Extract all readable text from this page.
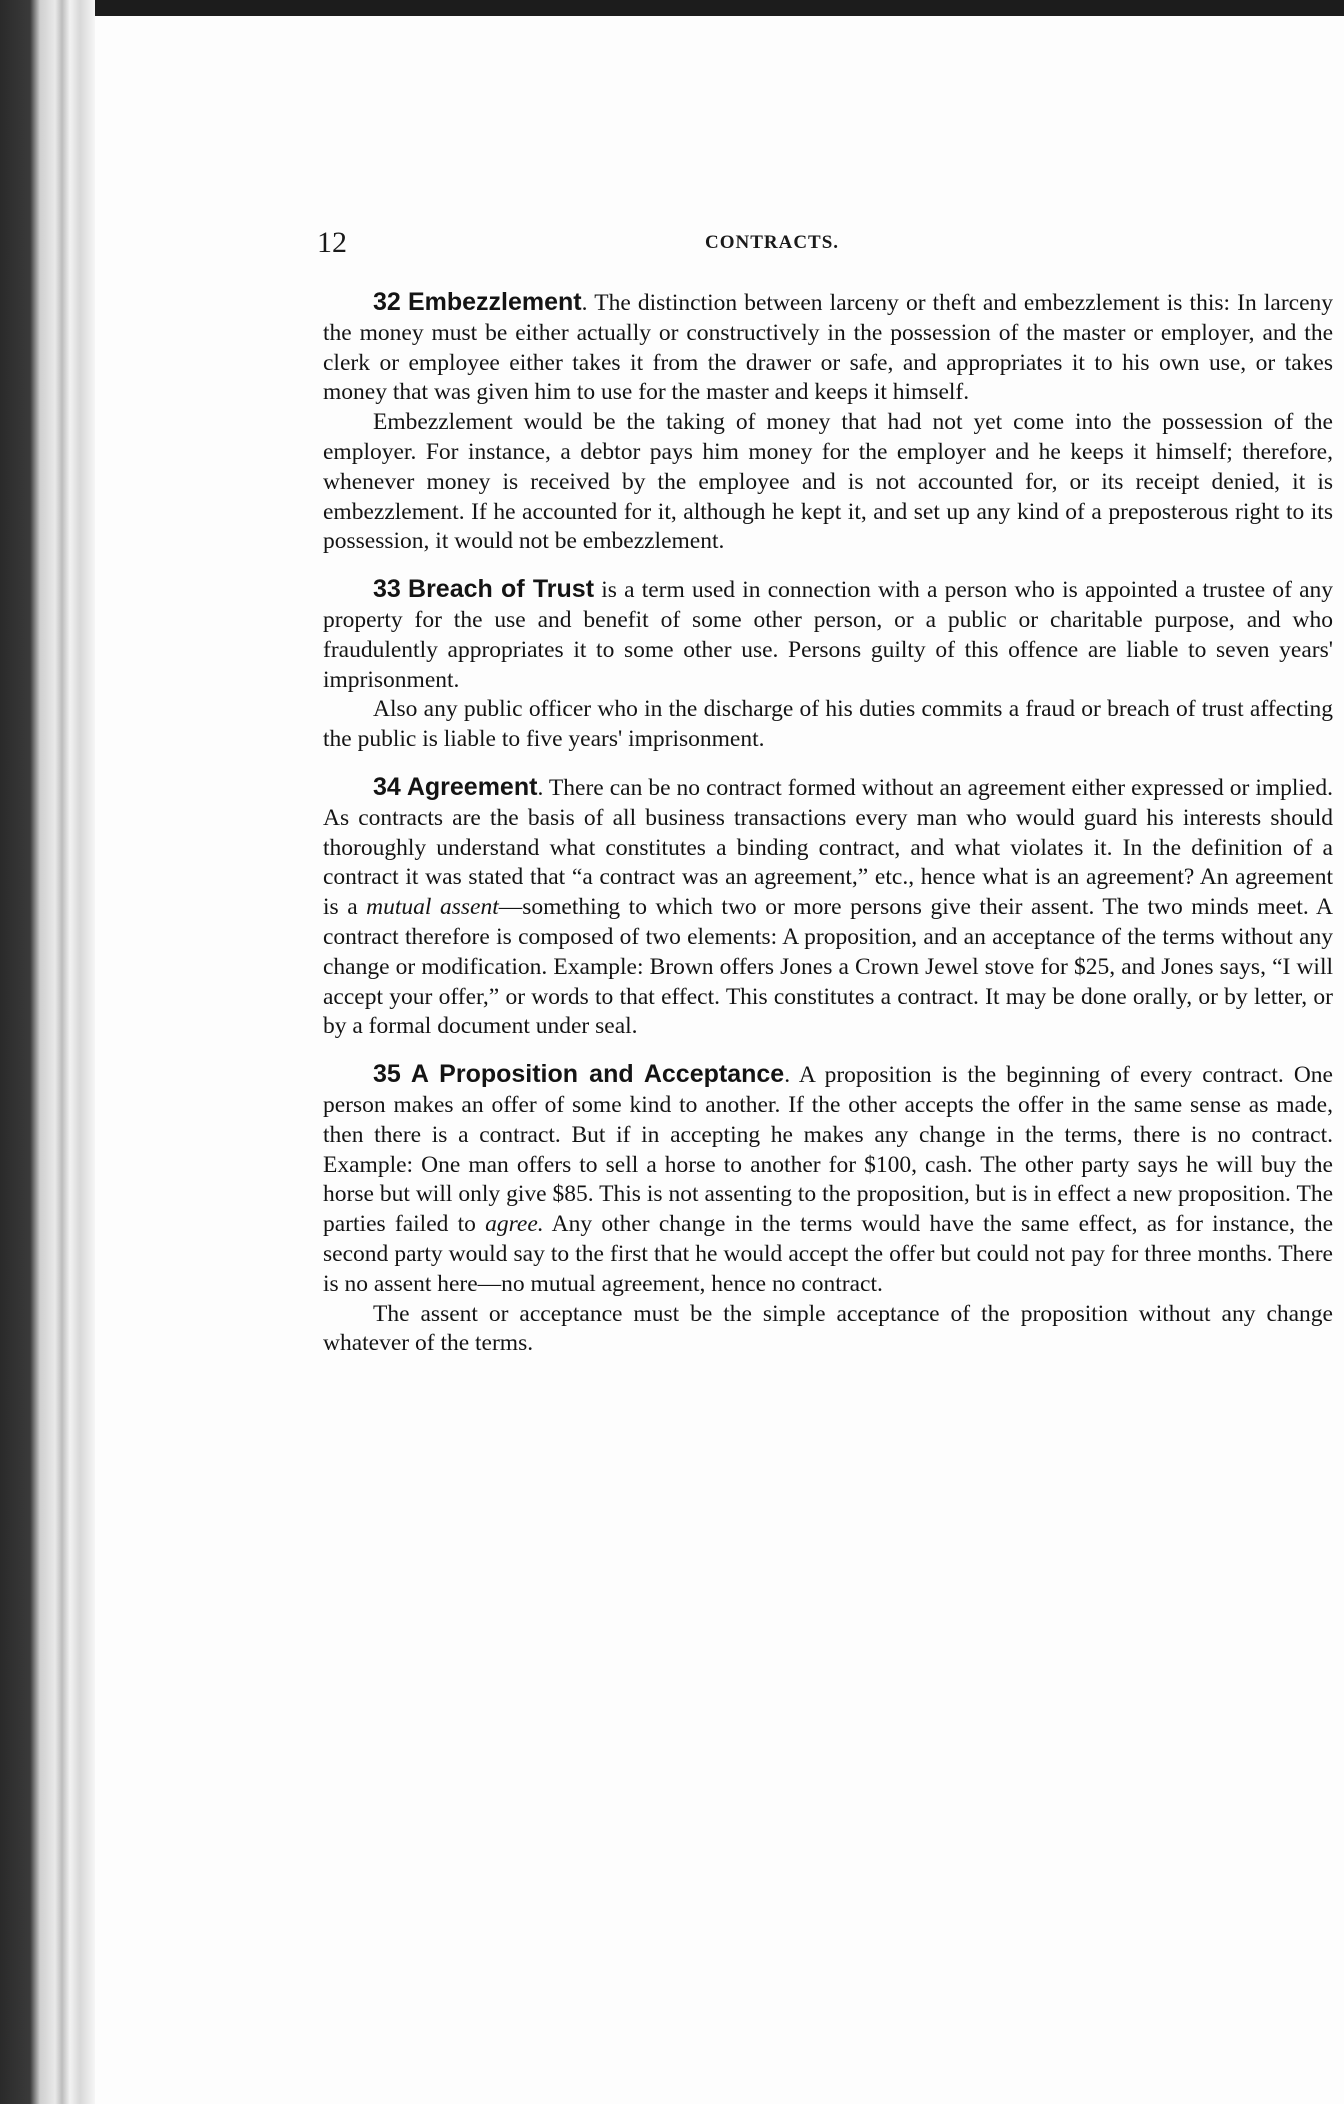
12	CONTRACTS.

32 Embezzlement. The distinction between larceny or theft and embezzlement is this: In larceny the money must be either actually or constructively in the possession of the master or employer, and the clerk or employee either takes it from the drawer or safe, and appropriates it to his own use, or takes money that was given him to use for the master and keeps it himself.

Embezzlement would be the taking of money that had not yet come into the possession of the employer. For instance, a debtor pays him money for the employer and he keeps it himself; therefore, whenever money is received by the employee and is not accounted for, or its receipt denied, it is embezzlement. If he accounted for it, although he kept it, and set up any kind of a preposterous right to its possession, it would not be embezzlement.

33 Breach of Trust is a term used in connection with a person who is appointed a trustee of any property for the use and benefit of some other person, or a public or charitable purpose, and who fraudulently appropriates it to some other use. Persons guilty of this offence are liable to seven years' imprisonment.

Also any public officer who in the discharge of his duties commits a fraud or breach of trust affecting the public is liable to five years' imprisonment.

34 Agreement. There can be no contract formed without an agreement either expressed or implied. As contracts are the basis of all business transactions every man who would guard his interests should thoroughly understand what constitutes a binding contract, and what violates it. In the definition of a contract it was stated that “a contract was an agreement,” etc., hence what is an agreement? An agreement is a mutual assent—something to which two or more persons give their assent. The two minds meet. A contract therefore is composed of two elements: A proposition, and an acceptance of the terms without any change or modification. Example: Brown offers Jones a Crown Jewel stove for $25, and Jones says, “I will accept your offer,” or words to that effect. This constitutes a contract. It may be done orally, or by letter, or by a formal document under seal.

35 A Proposition and Acceptance. A proposition is the beginning of every contract. One person makes an offer of some kind to another. If the other accepts the offer in the same sense as made, then there is a contract. But if in accepting he makes any change in the terms, there is no contract. Example: One man offers to sell a horse to another for $100, cash. The other party says he will buy the horse but will only give $85. This is not assenting to the proposition, but is in effect a new proposition. The parties failed to agree. Any other change in the terms would have the same effect, as for instance, the second party would say to the first that he would accept the offer but could not pay for three months. There is no assent here—no mutual agreement, hence no contract.

The assent or acceptance must be the simple acceptance of the proposition without any change whatever of the terms.
